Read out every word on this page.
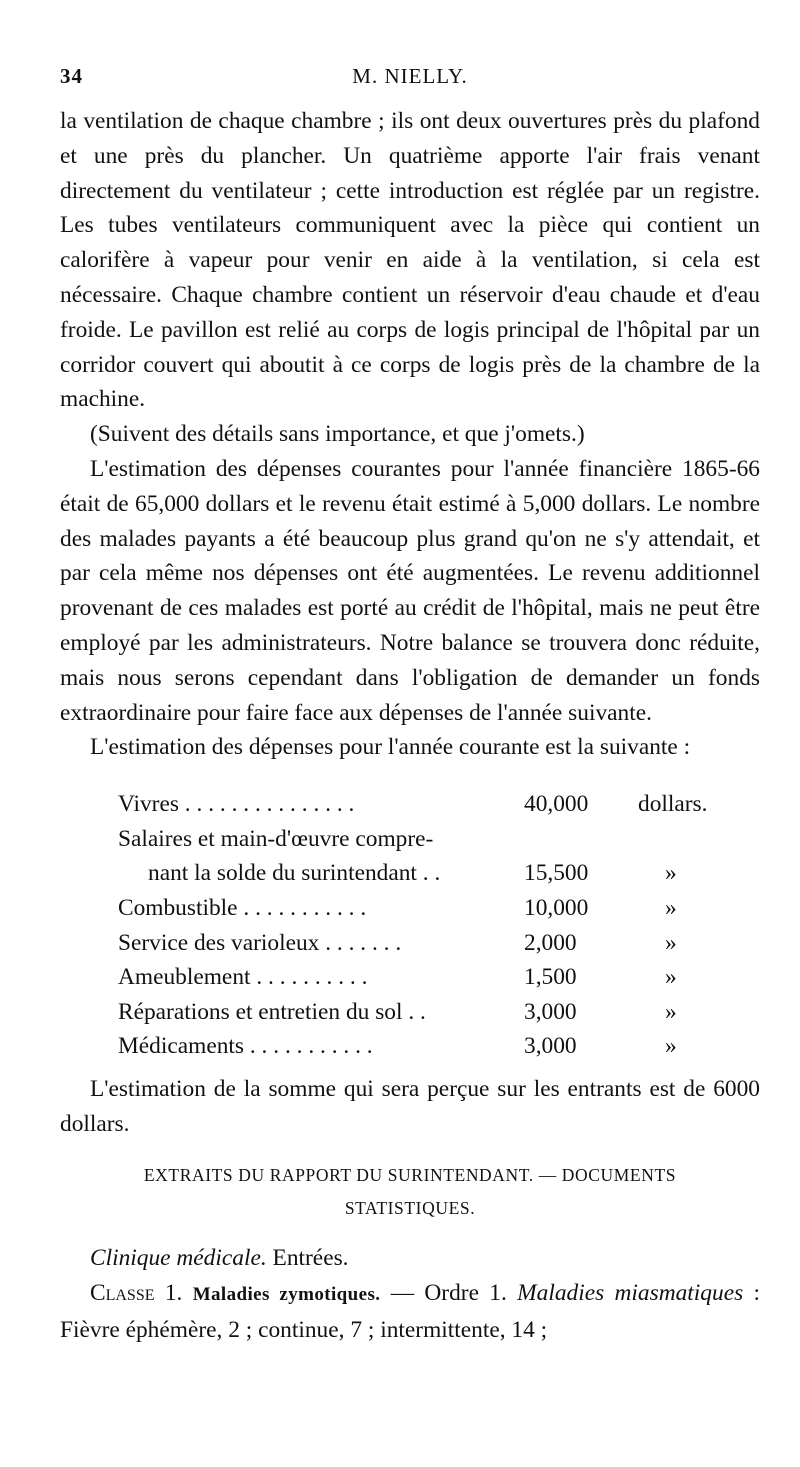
34	M. NIELLY.

la ventilation de chaque chambre ; ils ont deux ouvertures près du plafond et une près du plancher. Un quatrième apporte l'air frais venant directement du ventilateur ; cette introduction est réglée par un registre. Les tubes ventilateurs communiquent avec la pièce qui contient un calorifère à vapeur pour venir en aide à la ventilation, si cela est nécessaire. Chaque chambre contient un réservoir d'eau chaude et d'eau froide. Le pavillon est relié au corps de logis principal de l'hôpital par un corridor couvert qui aboutit à ce corps de logis près de la chambre de la machine.

(Suivent des détails sans importance, et que j'omets.)

L'estimation des dépenses courantes pour l'année financière 1865-66 était de 65,000 dollars et le revenu était estimé à 5,000 dollars. Le nombre des malades payants a été beaucoup plus grand qu'on ne s'y attendait, et par cela même nos dépenses ont été augmentées. Le revenu additionnel provenant de ces malades est porté au crédit de l'hôpital, mais ne peut être employé par les administrateurs. Notre balance se trouvera donc réduite, mais nous serons cependant dans l'obligation de demander un fonds extraordinaire pour faire face aux dépenses de l'année suivante.

L'estimation des dépenses pour l'année courante est la suivante :

Vivres . . . . . . . . . . . . . . .	40,000 dollars.
Salaires et main-d'œuvre compre-
nant la solde du surintendant . .	15,500	»
Combustible . . . . . . . . . . .	10,000	»
Service des varioleux . . . . . . .	2,000	»
Ameublement . . . . . . . . . .	1,500	»
Réparations et entretien du sol . .	3,000	»
Médicaments . . . . . . . . . . .	3,000	»

L'estimation de la somme qui sera perçue sur les entrants est de 6000 dollars.

EXTRAITS DU RAPPORT DU SURINTENDANT. — DOCUMENTS
STATISTIQUES.

Clinique médicale. Entrées.

Classe 1. Maladies zymotiques. — Ordre 1. Maladies miasmatiques : Fièvre éphémère, 2 ; continue, 7 ; intermittente, 14 ;
